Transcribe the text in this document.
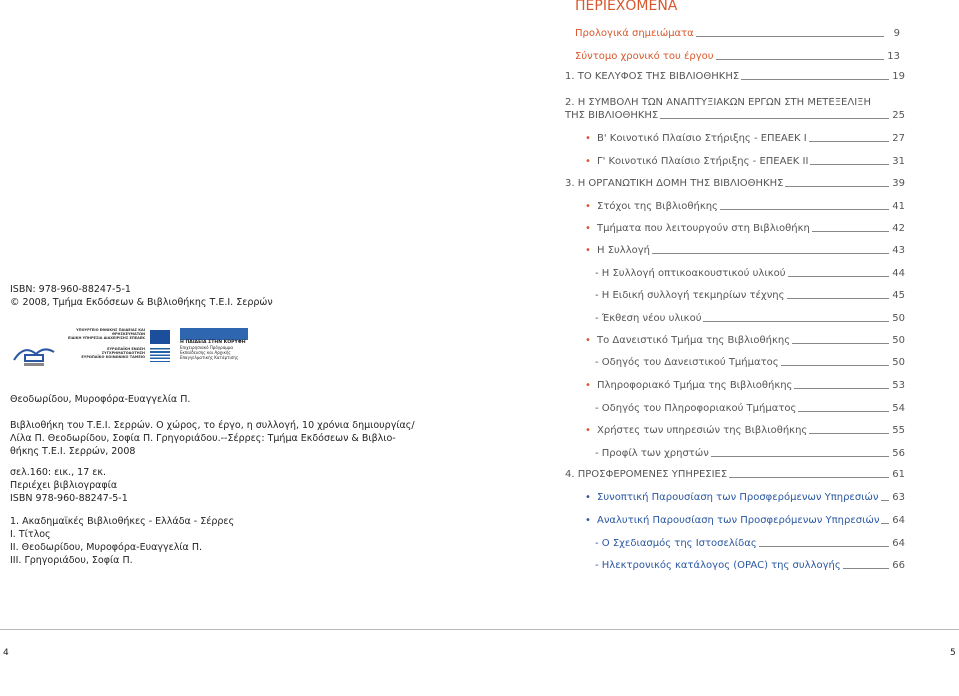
ISBN: 978-960-88247-5-1
© 2008, Τμήμα Εκδόσεων & Βιβλιοθήκης Τ.Ε.Ι. Σερρών
ΥΠΟΥΡΓΕΙΟ ΕΘΝΙΚΗΣ ΠΑΙΔΕΙΑΣ ΚΑΙ ΘΡΗΣΚΕΥΜΑΤΩΝ
ΕΙΔΙΚΗ ΥΠΗΡΕΣΙΑ ΔΙΑΧΕΙΡΙΣΗΣ ΕΠΕΑΕΚ
ΕΥΡΩΠΑΪΚΗ ΕΝΩΣΗ
ΣΥΓΧΡΗΜΑΤΟΔΟΤΗΣΗ
ΕΥΡΩΠΑΪΚΟ ΚΟΙΝΩΝΙΚΟ ΤΑΜΕΙΟ
Η ΠΑΙΔΕΙΑ ΣΤΗΝ ΚΟΡΥΦΗ
Επιχειρησιακό Πρόγραμμα
Εκπαίδευσης και Αρχικής
Επαγγελματικής Κατάρτισης
Θεοδωρίδου, Μυροφόρα-Ευαγγελία Π.
Βιβλιοθήκη του Τ.Ε.Ι. Σερρών. Ο χώρος, το έργο, η συλλογή, 10 χρόνια δημιουργίας/
Λίλα Π. Θεοδωρίδου, Σοφία Π. Γρηγοριάδου.--Σέρρες: Τμήμα Εκδόσεων & Βιβλιο-
θήκης Τ.Ε.Ι. Σερρών, 2008
σελ.160: εικ., 17 εκ.
Περιέχει βιβλιογραφία
ISBN 978-960-88247-5-1
1. Ακαδημαϊκές Βιβλιοθήκες - Ελλάδα - Σέρρες
Ι. Τίτλος
ΙΙ. Θεοδωρίδου, Μυροφόρα-Ευαγγελία Π.
ΙΙΙ. Γρηγοριάδου, Σοφία Π.
ΠΕΡΙΕΧΟΜΕΝΑ
Προλογικά σημειώματα	9
Σύντομο χρονικό του έργου	13
1. ΤΟ ΚΕΛΥΦΟΣ ΤΗΣ ΒΙΒΛΙΟΘΗΚΗΣ	19
2. Η ΣΥΜΒΟΛΗ ΤΩΝ ΑΝΑΠΤΥΞΙΑΚΩΝ ΕΡΓΩΝ ΣΤΗ ΜΕΤΕΞΕΛΙΞΗ
ΤΗΣ ΒΙΒΛΙΟΘΗΚΗΣ	25
• Β' Κοινοτικό Πλαίσιο Στήριξης - ΕΠΕΑΕΚ Ι	27
• Γ' Κοινοτικό Πλαίσιο Στήριξης - ΕΠΕΑΕΚ ΙΙ	31
3. Η ΟΡΓΑΝΩΤΙΚΗ ΔΟΜΗ ΤΗΣ ΒΙΒΛΙΟΘΗΚΗΣ	39
• Στόχοι της Βιβλιοθήκης	41
• Τμήματα που λειτουργούν στη Βιβλιοθήκη	42
• Η Συλλογή	43
- Η Συλλογή οπτικοακουστικού υλικού	44
- Η Ειδική συλλογή τεκμηρίων τέχνης	45
- Έκθεση νέου υλικού	50
• Το Δανειστικό Τμήμα της Βιβλιοθήκης	50
- Οδηγός του Δανειστικού Τμήματος	50
• Πληροφοριακό Τμήμα της Βιβλιοθήκης	53
- Οδηγός του Πληροφοριακού Τμήματος	54
• Χρήστες των υπηρεσιών της Βιβλιοθήκης	55
- Προφίλ των χρηστών	56
4. ΠΡΟΣΦΕΡΟΜΕΝΕΣ ΥΠΗΡΕΣΙΕΣ	61
• Συνοπτική Παρουσίαση των Προσφερόμενων Υπηρεσιών 63
• Αναλυτική Παρουσίαση των Προσφερόμενων Υπηρεσιών 64
- Ο Σχεδιασμός της Ιστοσελίδας	64
- Ηλεκτρονικός κατάλογος (OPAC) της συλλογής	66
4	5
